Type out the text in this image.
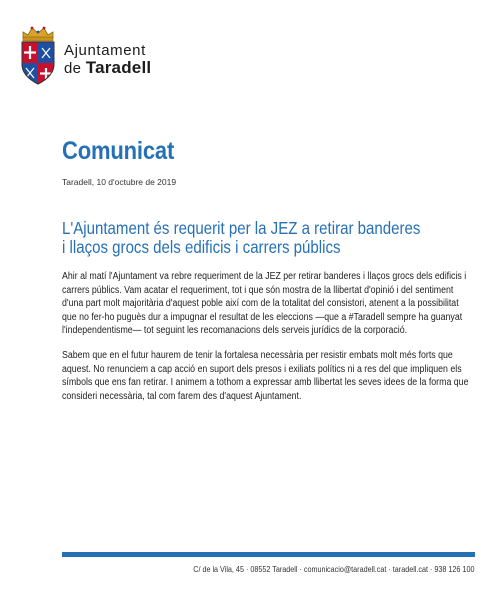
Ajuntament
de Taradell
Comunicat
Taradell, 10 d'octubre de 2019
L'Ajuntament és requerit per la JEZ a retirar banderes i llaços grocs dels edificis i carrers públics

Ahir al matí l'Ajuntament va rebre requeriment de la JEZ per retirar banderes i llaços grocs dels edificis i carrers públics. Vam acatar el requeriment, tot i que són mostra de la llibertat d'opinió i del sentiment d'una part molt majoritària d'aquest poble així com de la totalitat del consistori, atenent a la possibilitat que no fer-ho puguès dur a impugnar el resultat de les eleccions —que a #Taradell sempre ha guanyat l'independentisme— tot seguint les recomanacions dels serveis jurídics de la corporació.

Sabem que en el futur haurem de tenir la fortalesa necessària per resistir embats molt més forts que aquest. No renunciem a cap acció en suport dels presos i exiliats polítics ni a res del que impliquen els símbols que ens fan retirar. I animem a tothom a expressar amb llibertat les seves idees de la forma que consideri necessària, tal com farem des d'aquest Ajuntament.

C/ de la Vila, 45 · 08552 Taradell · comunicacio@taradell.cat · taradell.cat · 938 126 100
